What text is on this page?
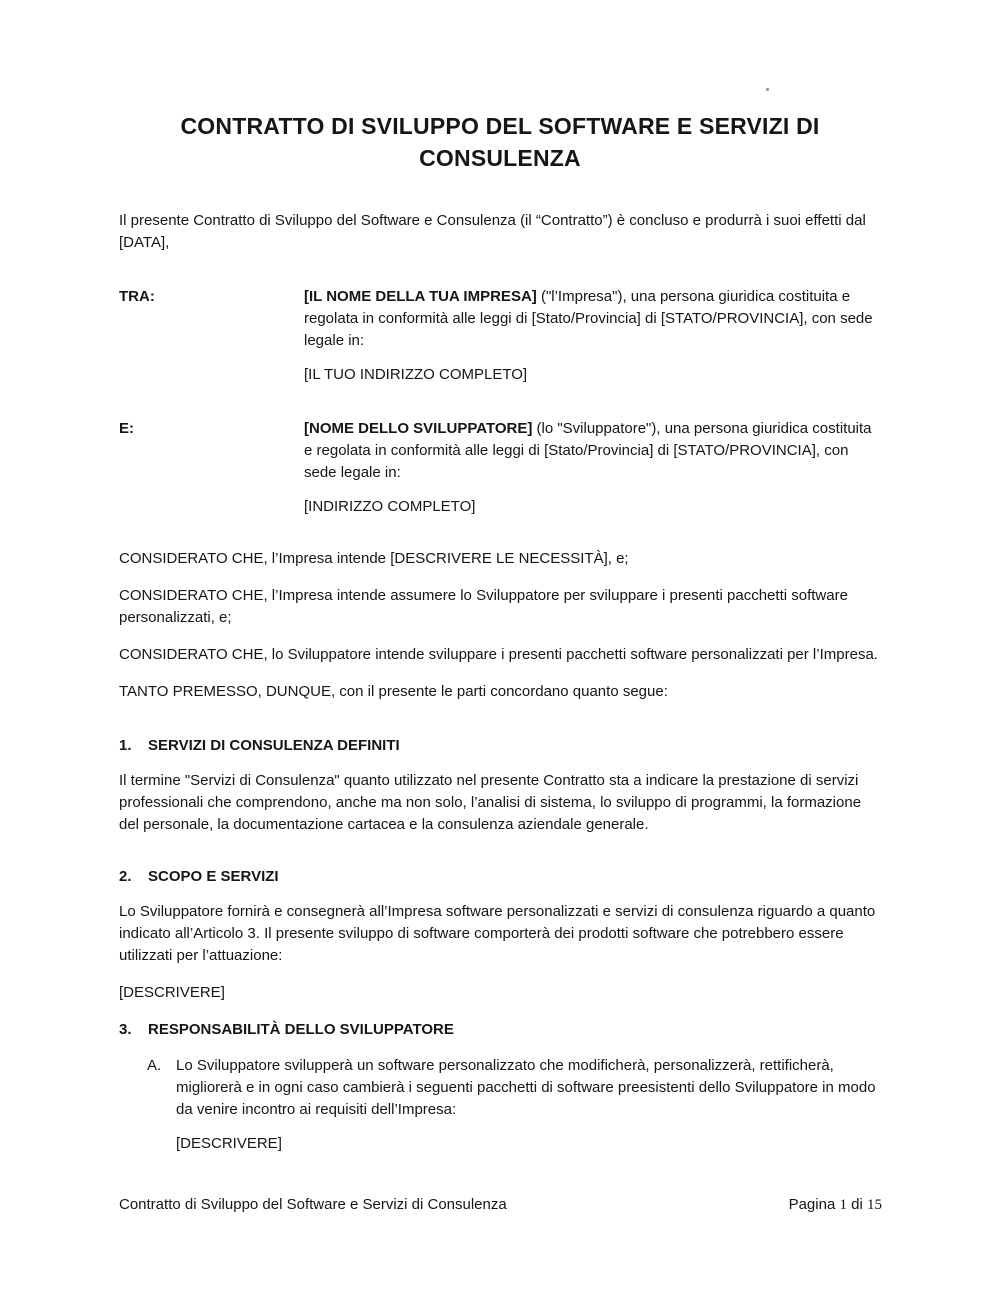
CONTRATTO DI SVILUPPO DEL SOFTWARE E SERVIZI DI
CONSULENZA

Il presente Contratto di Sviluppo del Software e Consulenza (il “Contratto”) è concluso e produrrà i suoi effetti dal [DATA],

TRA:	[IL NOME DELLA TUA IMPRESA] ("l’Impresa"), una persona giuridica costituita e regolata in conformità alle leggi di [Stato/Provincia] di [STATO/PROVINCIA], con sede legale in:

[IL TUO INDIRIZZO COMPLETO]

E:	[NOME DELLO SVILUPPATORE] (lo "Sviluppatore"), una persona giuridica costituita e regolata in conformità alle leggi di [Stato/Provincia] di [STATO/PROVINCIA], con sede legale in:

[INDIRIZZO COMPLETO]

CONSIDERATO CHE, l’Impresa intende [DESCRIVERE LE NECESSITÀ], e;

CONSIDERATO CHE, l’Impresa intende assumere lo Sviluppatore per sviluppare i presenti pacchetti software personalizzati, e;

CONSIDERATO CHE, lo Sviluppatore intende sviluppare i presenti pacchetti software personalizzati per l’Impresa.

TANTO PREMESSO, DUNQUE, con il presente le parti concordano quanto segue:

1.	SERVIZI DI CONSULENZA DEFINITI

Il termine "Servizi di Consulenza" quanto utilizzato nel presente Contratto sta a indicare la prestazione di servizi professionali che comprendono, anche ma non solo, l’analisi di sistema, lo sviluppo di programmi, la formazione del personale, la documentazione cartacea e la consulenza aziendale generale.

2.	SCOPO E SERVIZI

Lo Sviluppatore fornirà e consegnerà all’Impresa software personalizzati e servizi di consulenza riguardo a quanto indicato all’Articolo 3. Il presente sviluppo di software comporterà dei prodotti software che potrebbero essere utilizzati per l’attuazione:

[DESCRIVERE]

3.	RESPONSABILITÀ DELLO SVILUPPATORE
A. Lo Sviluppatore svilupperà un software personalizzato che modificherà, personalizzerà, rettificherà, migliorerà e in ogni caso cambierà i seguenti pacchetti di software preesistenti dello Sviluppatore in modo da venire incontro ai requisiti dell’Impresa:

[DESCRIVERE]

Contratto di Sviluppo del Software e Servizi di Consulenza	Pagina 1 di 15
